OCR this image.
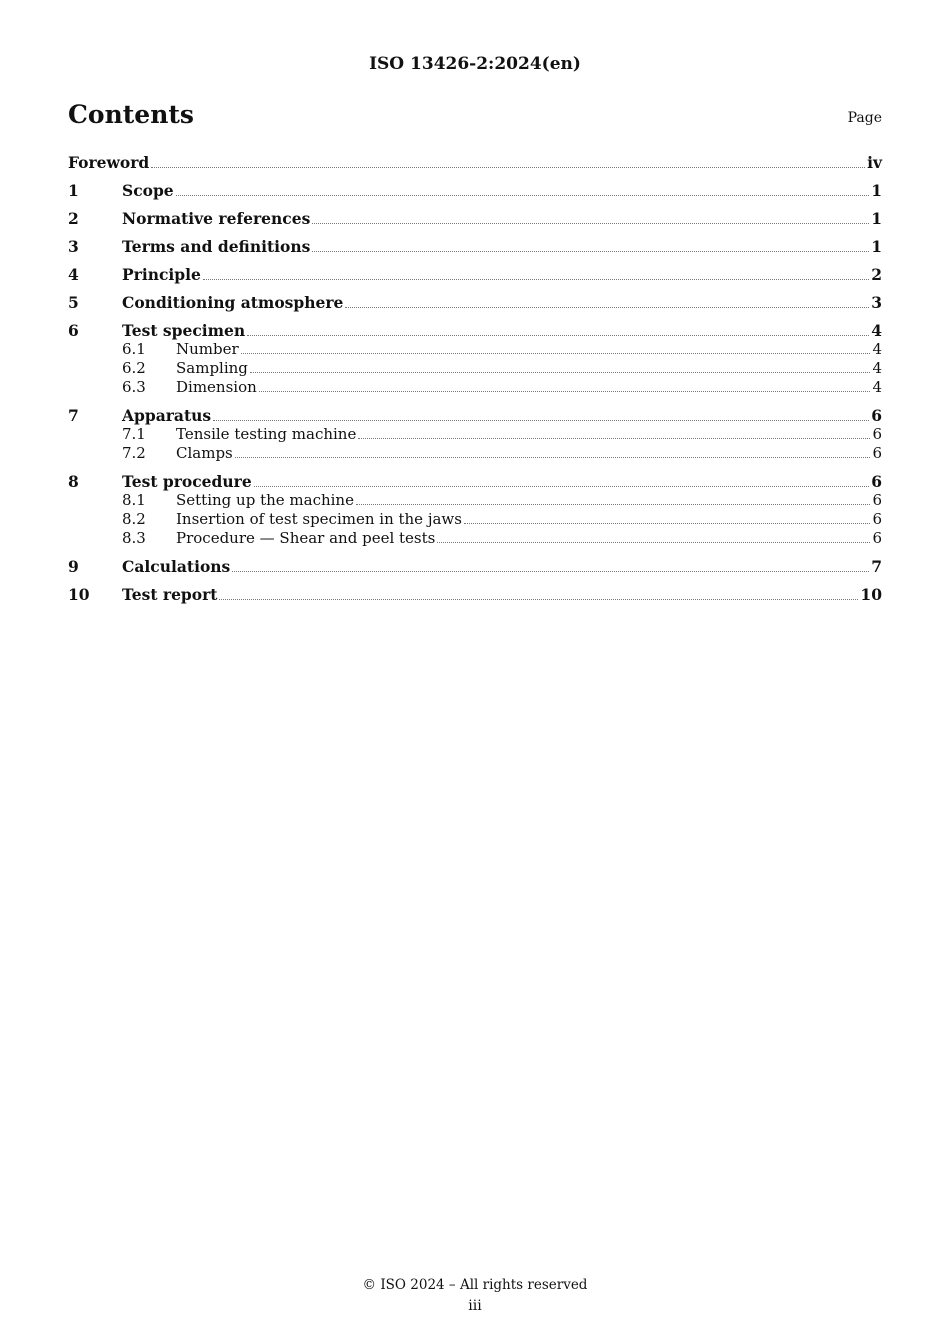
ISO 13426-2:2024(en)
Contents	Page
Foreword	iv
1	Scope	1
2	Normative references	1
3	Terms and definitions	1
4	Principle	2
5	Conditioning atmosphere	3
6	Test specimen	4
6.1	Number	4
6.2	Sampling	4
6.3	Dimension	4
7	Apparatus	6
7.1	Tensile testing machine	6
7.2	Clamps	6
8	Test procedure	6
8.1	Setting up the machine	6
8.2	Insertion of test specimen in the jaws	6
8.3	Procedure — Shear and peel tests	6
9	Calculations	7
10	Test report	10
© ISO 2024 – All rights reserved
iii
